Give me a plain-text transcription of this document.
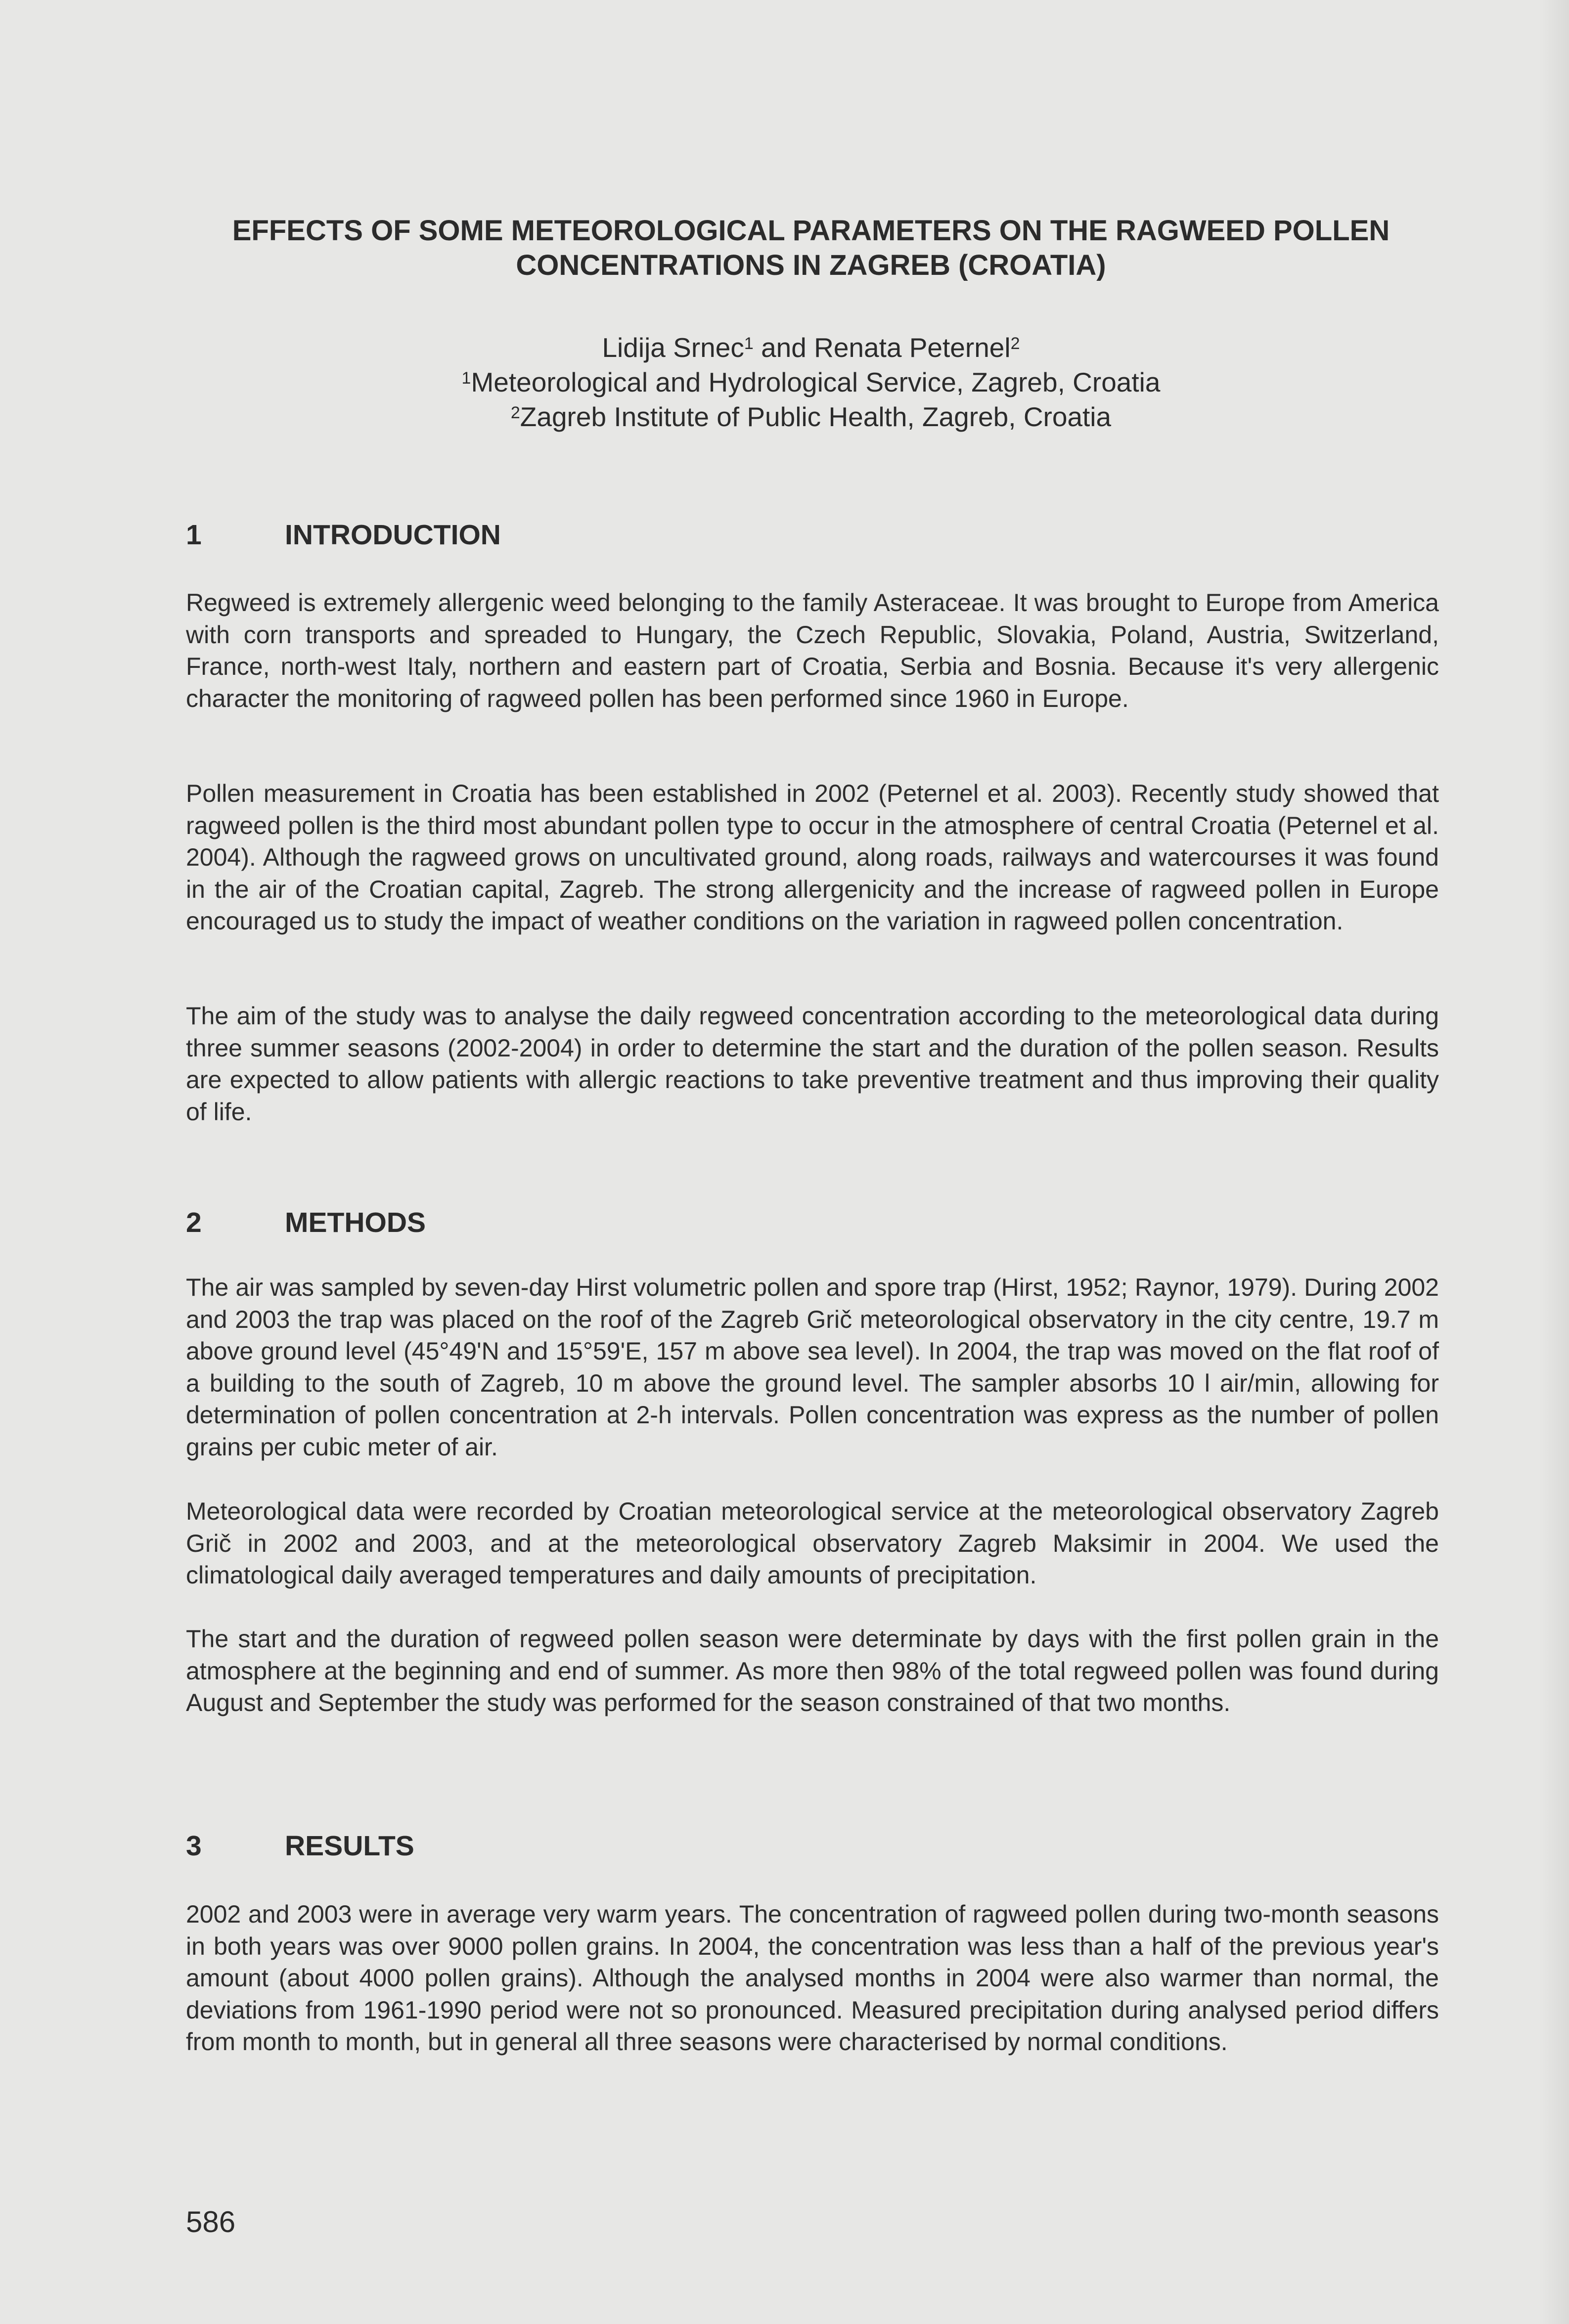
EFFECTS OF SOME METEOROLOGICAL PARAMETERS ON THE RAGWEED POLLEN CONCENTRATIONS IN ZAGREB (CROATIA)
Lidija Srnec$^1$ and Renata Peternel$^2$
$^1$Meteorological and Hydrological Service, Zagreb, Croatia
$^2$Zagreb Institute of Public Health, Zagreb, Croatia
1	INTRODUCTION

Regweed is extremely allergenic weed belonging to the family Asteraceae. It was brought to Europe from America with corn transports and spreaded to Hungary, the Czech Republic, Slovakia, Poland, Austria, Switzerland, France, north-west Italy, northern and eastern part of Croatia, Serbia and Bosnia. Because it's very allergenic character the monitoring of ragweed pollen has been performed since 1960 in Europe.

Pollen measurement in Croatia has been established in 2002 (Peternel et al. 2003). Recently study showed that ragweed pollen is the third most abundant pollen type to occur in the atmosphere of central Croatia (Peternel et al. 2004). Although the ragweed grows on uncultivated ground, along roads, railways and watercourses it was found in the air of the Croatian capital, Zagreb. The strong allergenicity and the increase of ragweed pollen in Europe encouraged us to study the impact of weather conditions on the variation in ragweed pollen concentration.

The aim of the study was to analyse the daily regweed concentration according to the meteorological data during three summer seasons (2002-2004) in order to determine the start and the duration of the pollen season. Results are expected to allow patients with allergic reactions to take preventive treatment and thus improving their quality of life.

2	METHODS

The air was sampled by seven-day Hirst volumetric pollen and spore trap (Hirst, 1952; Raynor, 1979). During 2002 and 2003 the trap was placed on the roof of the Zagreb Grič meteorological observatory in the city centre, 19.7 m above ground level (45°49'N and 15°59'E, 157 m above sea level). In 2004, the trap was moved on the flat roof of a building to the south of Zagreb, 10 m above the ground level. The sampler absorbs 10 l air/min, allowing for determination of pollen concentration at 2-h intervals. Pollen concentration was express as the number of pollen grains per cubic meter of air.

Meteorological data were recorded by Croatian meteorological service at the meteorological observatory Zagreb Grič in 2002 and 2003, and at the meteorological observatory Zagreb Maksimir in 2004. We used the climatological daily averaged temperatures and daily amounts of precipitation.

The start and the duration of regweed pollen season were determinate by days with the first pollen grain in the atmosphere at the beginning and end of summer. As more then 98% of the total regweed pollen was found during August and September the study was performed for the season constrained of that two months.

3	RESULTS

2002 and 2003 were in average very warm years. The concentration of ragweed pollen during two-month seasons in both years was over 9000 pollen grains. In 2004, the concentration was less than a half of the previous year's amount (about 4000 pollen grains). Although the analysed months in 2004 were also warmer than normal, the deviations from 1961-1990 period were not so pronounced. Measured precipitation during analysed period differs from month to month, but in general all three seasons were characterised by normal conditions.

586
